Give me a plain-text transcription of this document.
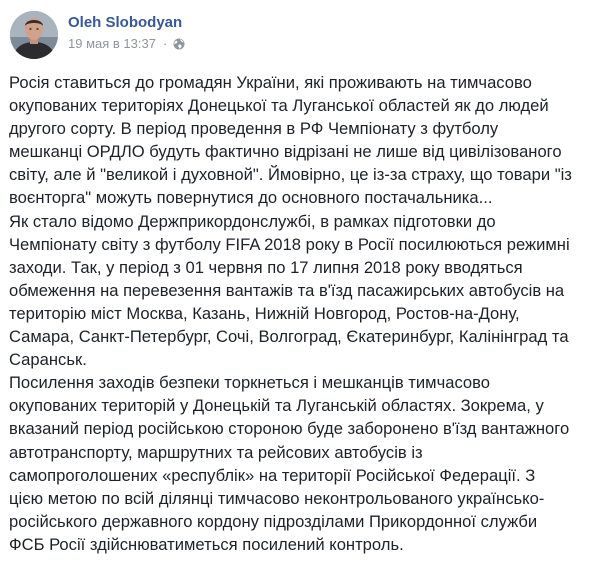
Oleh Slobodyan
19 мая в 13:37 ·

Росія ставиться до громадян України, які проживають на тимчасово
окупованих територіях Донецької та Луганської областей як до людей
другого сорту. В період проведення в РФ Чемпіонату з футболу
мешканці ОРДЛО будуть фактично відрізані не лише від цивілізованого
світу, але й "великой і духовной". Ймовірно, це із-за страху, що товари "із
воєнторга" можуть повернутися до основного постачальника...

Як стало відомо Держприкордонслужбі, в рамках підготовки до
Чемпіонату світу з футболу FIFA 2018 року в Росії посилюються режимні
заходи. Так, у період з 01 червня по 17 липня 2018 року вводяться
обмеження на перевезення вантажів та в'їзд пасажирських автобусів на
територію міст Москва, Казань, Нижній Новгород, Ростов-на-Дону,
Самара, Санкт-Петербург, Сочі, Волгоград, Єкатеринбург, Калінінград та
Саранськ.

Посилення заходів безпеки торкнеться і мешканців тимчасово
окупованих територій у Донецькій та Луганській областях. Зокрема, у
вказаний період російською стороною буде заборонено в'їзд вантажного
автотранспорту, маршрутних та рейсових автобусів із
самопроголошених «республік» на території Російської Федерації. З
цією метою по всій ділянці тимчасово неконтрольованого українсько-
російського державного кордону підрозділами Прикордонної служби
ФСБ Росії здійснюватиметься посилений контроль.
